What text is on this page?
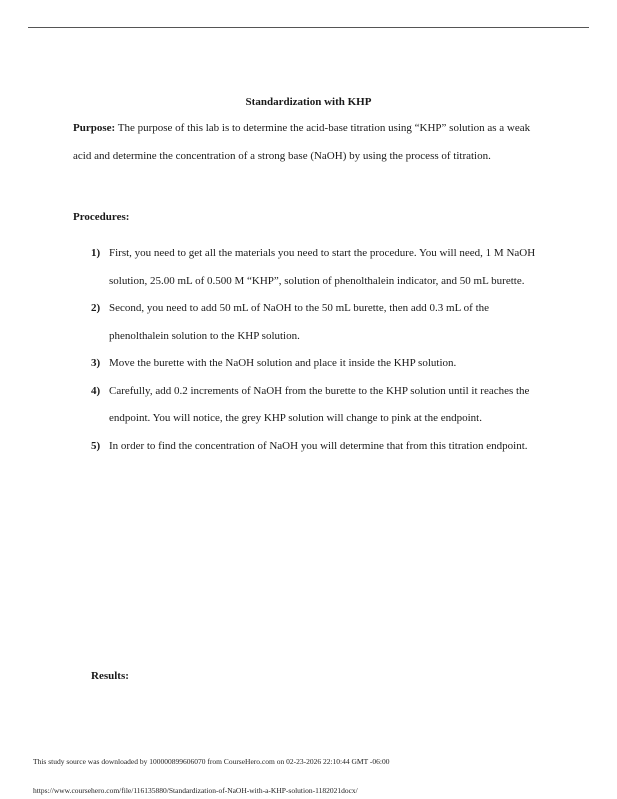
Standardization with KHP

Purpose: The purpose of this lab is to determine the acid-base titration using “KHP” solution as a weak acid and determine the concentration of a strong base (NaOH) by using the process of titration.

Procedures:
1) First, you need to get all the materials you need to start the procedure. You will need, 1 M NaOH solution, 25.00 mL of 0.500 M “KHP”, solution of phenolthalein indicator, and 50 mL burette.
2) Second, you need to add 50 mL of NaOH to the 50 mL burette, then add 0.3 mL of the phenolthalein solution to the KHP solution.
3) Move the burette with the NaOH solution and place it inside the KHP solution.
4) Carefully, add 0.2 increments of NaOH from the burette to the KHP solution until it reaches the endpoint. You will notice, the grey KHP solution will change to pink at the endpoint.
5) In order to find the concentration of NaOH you will determine that from this titration endpoint.
Results:
This study source was downloaded by 100000899606070 from CourseHero.com on 02-23-2026 22:10:44 GMT -06:00
https://www.coursehero.com/file/116135880/Standardization-of-NaOH-with-a-KHP-solution-1182021docx/
